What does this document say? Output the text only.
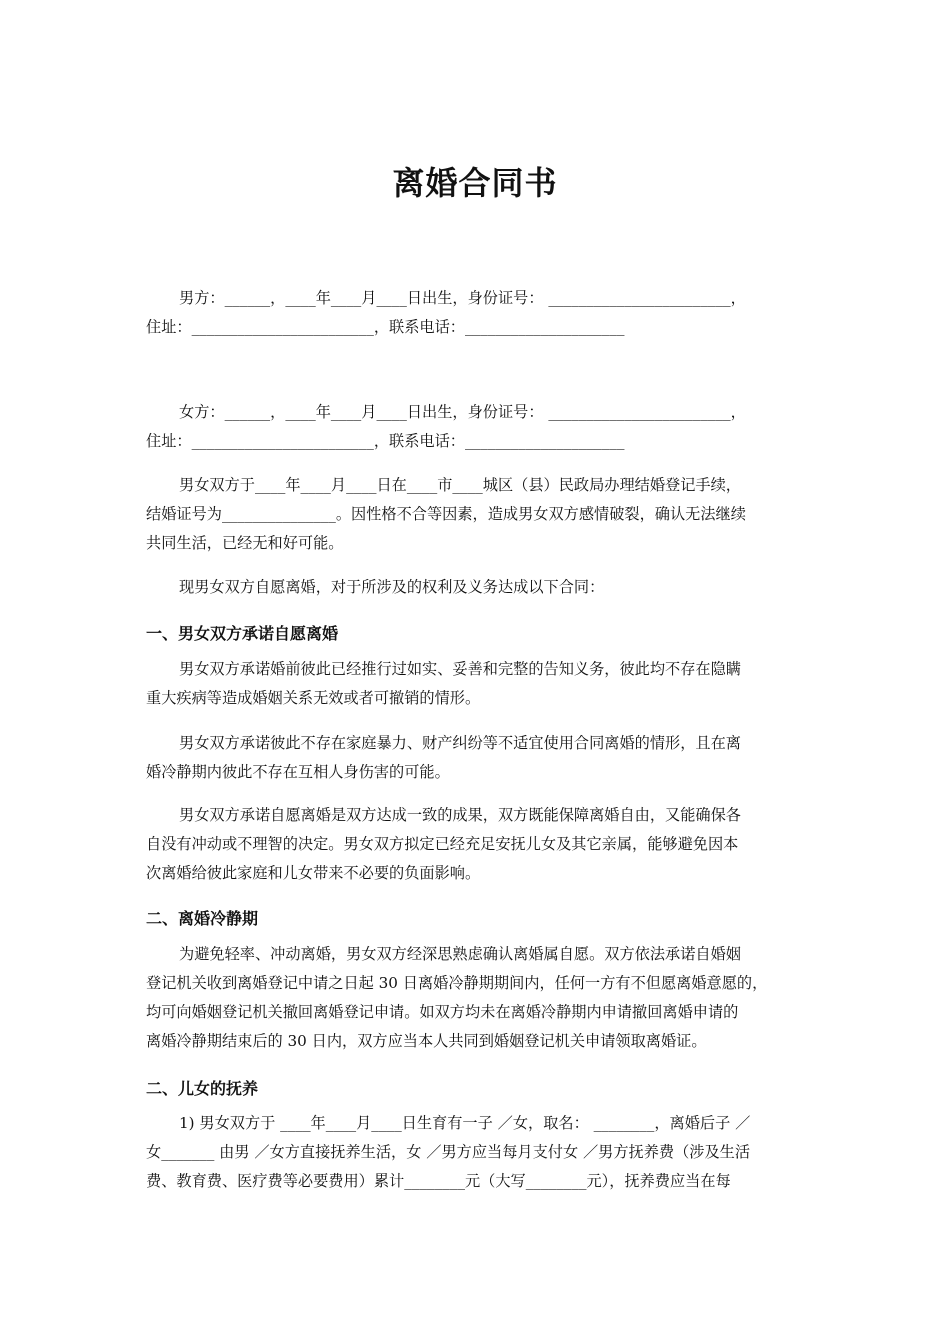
离婚合同书
男方：______，____年____月____日出生，身份证号： ________________________，
住址：________________________，联系电话：_____________________
女方：______，____年____月____日出生，身份证号： ________________________，
住址：________________________，联系电话：_____________________
男女双方于____年____月____日在____市____城区（县）民政局办理结婚登记手续，
结婚证号为_______________。因性格不合等因素，造成男女双方感情破裂，确认无法继续
共同生活，已经无和好可能。
现男女双方自愿离婚，对于所涉及的权利及义务达成以下合同：
一、男女双方承诺自愿离婚
男女双方承诺婚前彼此已经推行过如实、妥善和完整的告知义务，彼此均不存在隐瞒
重大疾病等造成婚姻关系无效或者可撤销的情形。
男女双方承诺彼此不存在家庭暴力、财产纠纷等不适宜使用合同离婚的情形，且在离
婚冷静期内彼此不存在互相人身伤害的可能。
男女双方承诺自愿离婚是双方达成一致的成果，双方既能保障离婚自由，又能确保各
自没有冲动或不理智的决定。男女双方拟定已经充足安抚儿女及其它亲属，能够避免因本
次离婚给彼此家庭和儿女带来不必要的负面影响。
二、离婚冷静期
为避免轻率、冲动离婚，男女双方经深思熟虑确认离婚属自愿。双方依法承诺自婚姻
登记机关收到离婚登记中请之日起 30 日离婚冷静期期间内，任何一方有不但愿离婚意愿的，
均可向婚姻登记机关撤回离婚登记申请。如双方均未在离婚冷静期内申请撤回离婚申请的
离婚冷静期结束后的 30 日内，双方应当本人共同到婚姻登记机关申请领取离婚证。
二、儿女的抚养
1) 男女双方于 ____年____月____日生育有一子 ／女，取名： ________，离婚后子 ／
女_______ 由男 ／女方直接抚养生活，女 ／男方应当每月支付女 ／男方抚养费（涉及生活
费、教育费、医疗费等必要费用）累计________元（大写________元），抚养费应当在每
